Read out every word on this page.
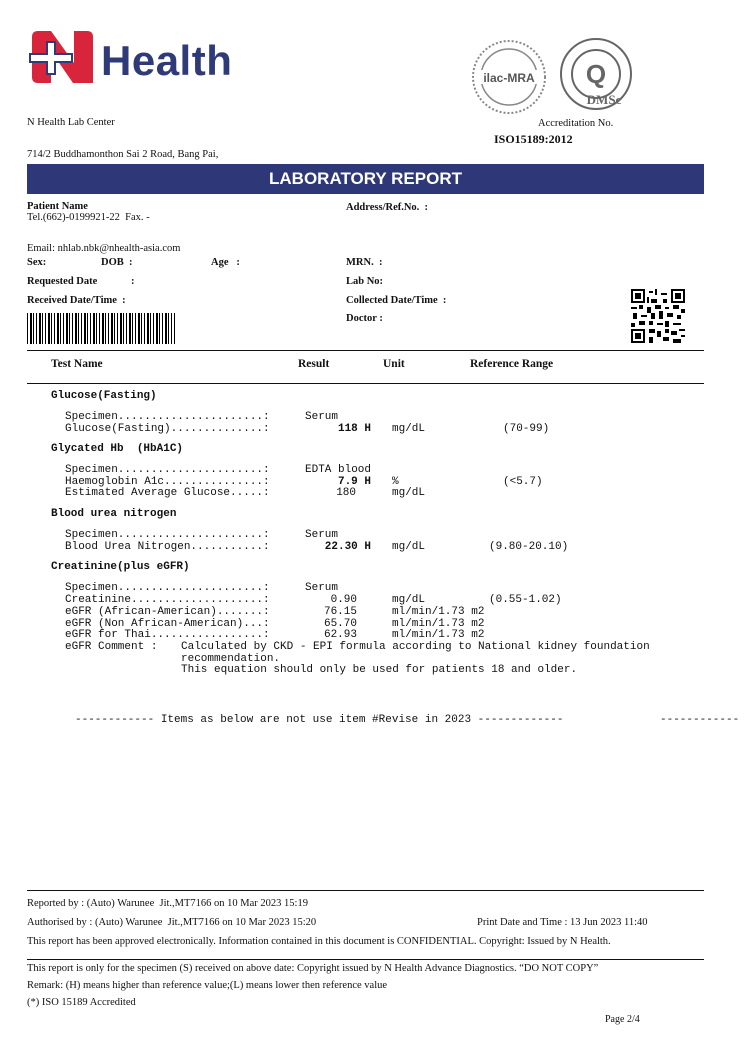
Health

N Health Lab Center

714/2 Buddhamonthon Sai 2 Road, Bang Pai,

Tel.(662)-0199921-22  Fax. -

Email: nhlab.nbk@nhealth-asia.com

ilac-MRA Q
DMSc
Accreditation No.
ISO15189:2012
LABORATORY REPORT
Patient Name	Address/Ref.No.  :
Sex:	DOB  :	Age   :	MRN.  :
Requested Date	:	Lab No:
Received Date/Time  :	Collected Date/Time  :
Doctor :
Test Name	Result	Unit	Reference Range
Glucose(Fasting)
Glycated Hb  (HbA1C)
Blood urea nitrogen
Creatinine(plus eGFR)
Specimen......................:	Serum
Glucose(Fasting)..............:	118 H mg/dL	(70-99)
Specimen......................:	EDTA blood
Haemoglobin A1c...............:	7.9 H %	(<5.7)
Estimated Average Glucose.....:	180	mg/dL
Specimen......................:	Serum
Blood Urea Nitrogen...........:	22.30 H mg/dL	(9.80-20.10)
Specimen......................:	Serum
Creatinine....................:	0.90	mg/dL	(0.55-1.02)
eGFR (African-American).......:	76.15	ml/min/1.73 m2
eGFR (Non African-American)...:	65.70	ml/min/1.73 m2
eGFR for Thai.................:	62.93	ml/min/1.73 m2
eGFR Comment : Calculated by CKD - EPI formula according to National kidney foundation
recommendation.
This equation should only be used for patients 18 and older.
------------ Items as below are not use item #Revise in 2023 -------------	------------
Reported by : (Auto) Warunee  Jit.,MT7166 on 10 Mar 2023 15:19
Authorised by : (Auto) Warunee  Jit.,MT7166 on 10 Mar 2023 15:20	Print Date and Time : 13 Jun 2023 11:40
This report has been approved electronically. Information contained in this document is CONFIDENTIAL. Copyright: Issued by N Health.
This report is only for the specimen (S) received on above date: Copyright issued by N Health Advance Diagnostics. “DO NOT COPY”
Remark: (H) means higher than reference value;(L) means lower then reference value
(*) ISO 15189 Accredited
Page 2/4
